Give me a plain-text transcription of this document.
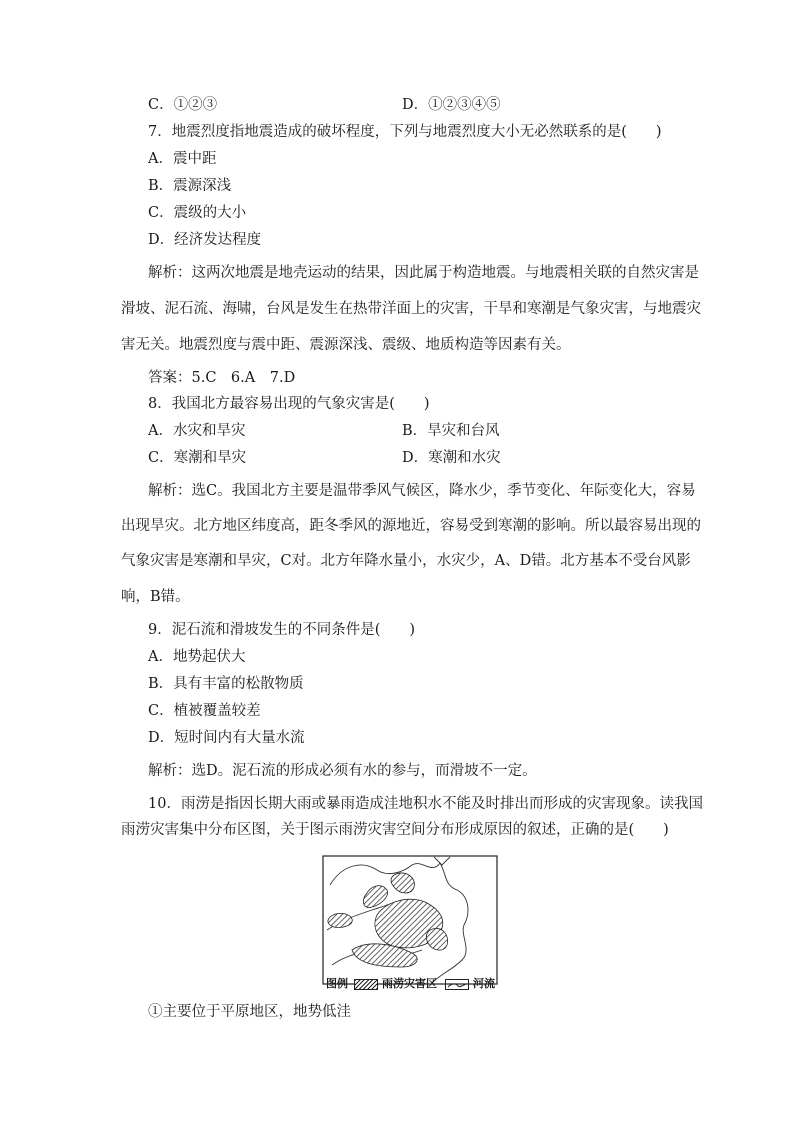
C．①②③	D．①②③④⑤
7．地震烈度指地震造成的破坏程度，下列与地震烈度大小无必然联系的是(　　)
A．震中距
B．震源深浅
C．震级的大小
D．经济发达程度
解析：这两次地震是地壳运动的结果，因此属于构造地震。与地震相关联的自然灾害是
滑坡、泥石流、海啸，台风是发生在热带洋面上的灾害，干旱和寒潮是气象灾害，与地震灾
害无关。地震烈度与震中距、震源深浅、震级、地质构造等因素有关。
答案：5.C　6.A　7.D
8．我国北方最容易出现的气象灾害是(　　)
A．水灾和旱灾	B．旱灾和台风
C．寒潮和旱灾	D．寒潮和水灾
解析：选C。我国北方主要是温带季风气候区，降水少，季节变化、年际变化大，容易
出现旱灾。北方地区纬度高，距冬季风的源地近，容易受到寒潮的影响。所以最容易出现的
气象灾害是寒潮和旱灾，C对。北方年降水量小，水灾少，A、D错。北方基本不受台风影
响，B错。
9．泥石流和滑坡发生的不同条件是(　　)
A．地势起伏大
B．具有丰富的松散物质
C．植被覆盖较差
D．短时间内有大量水流
解析：选D。泥石流的形成必须有水的参与，而滑坡不一定。
10．雨涝是指因长期大雨或暴雨造成洼地积水不能及时排出而形成的灾害现象。读我国
雨涝灾害集中分布区图，关于图示雨涝灾害空间分布形成原因的叙述，正确的是(　　)
图例	雨涝灾害区	河流
①主要位于平原地区，地势低洼
